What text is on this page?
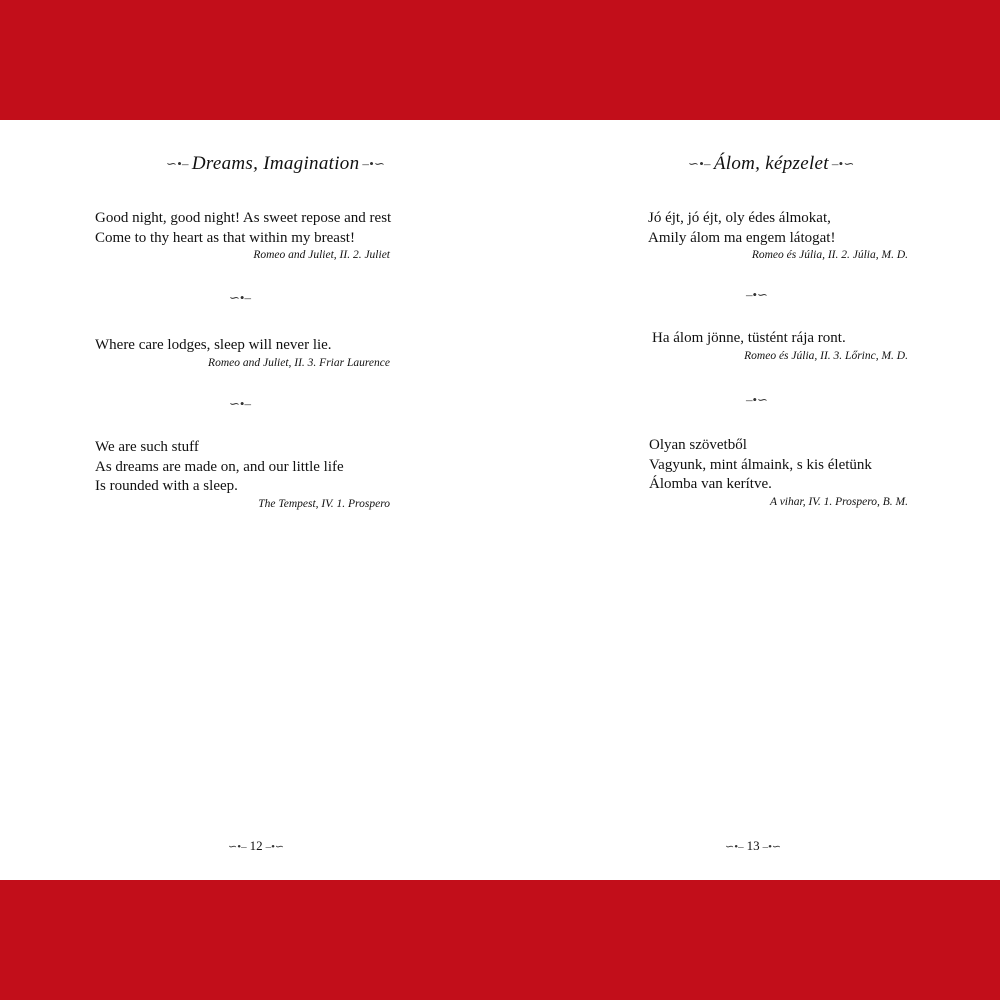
∽•– Dreams, Imagination –•∽
Good night, good night! As sweet repose and rest
Come to thy heart as that within my breast!
Romeo and Juliet, II. 2. Juliet
∽•–
Where care lodges, sleep will never lie.
Romeo and Juliet, II. 3. Friar Laurence
∽•–
We are such stuff
As dreams are made on, and our little life
Is rounded with a sleep.
The Tempest, IV. 1. Prospero
∽•– 12 –•∽
∽•– Álom, képzelet –•∽
Jó éjt, jó éjt, oly édes álmokat,
Amily álom ma engem látogat!
Romeo és Júlia, II. 2. Júlia, M. D.
–•∽
Ha álom jönne, tüstént rája ront.
Romeo és Júlia, II. 3. Lőrinc, M. D.
–•∽
Olyan szövetből
Vagyunk, mint álmaink, s kis életünk
Álomba van kerítve.
A vihar, IV. 1. Prospero, B. M.
∽•– 13 –•∽
